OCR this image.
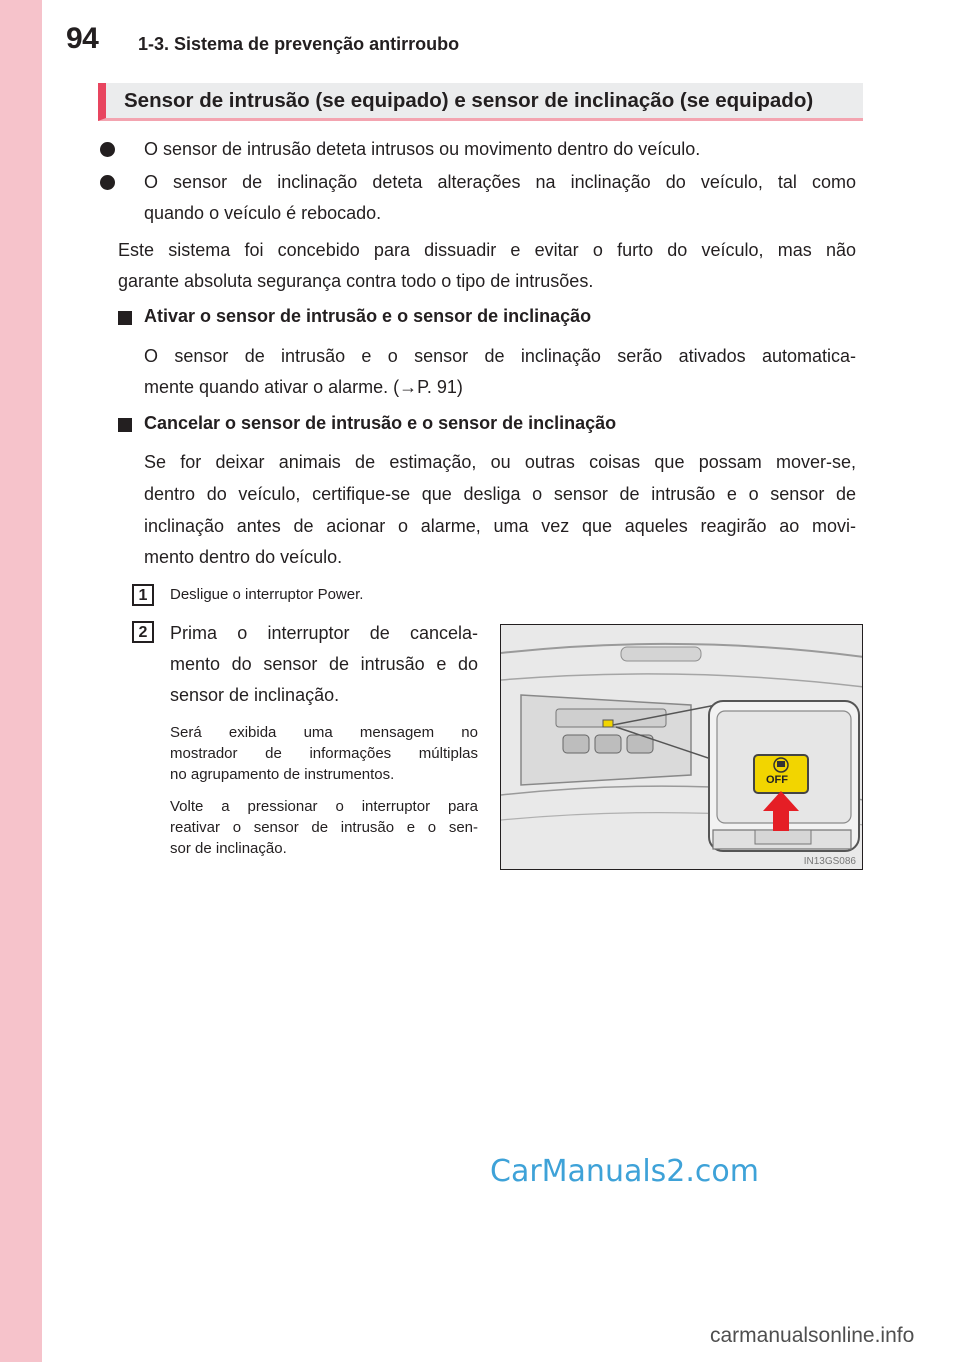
94 1-3. Sistema de prevenção antirroubo
Sensor de intrusão (se equipado) e sensor de inclinação (se equipado)
O sensor de intrusão deteta intrusos ou movimento dentro do veículo.
O sensor de inclinação deteta alterações na inclinação do veículo, tal como
quando o veículo é rebocado.
Este sistema foi concebido para dissuadir e evitar o furto do veículo, mas não
garante absoluta segurança contra todo o tipo de intrusões.
Ativar o sensor de intrusão e o sensor de inclinação
O sensor de intrusão e o sensor de inclinação serão ativados automatica-
mente quando ativar o alarme. (→P. 91)
Cancelar o sensor de intrusão e o sensor de inclinação
Se for deixar animais de estimação, ou outras coisas que possam mover-se,
dentro do veículo, certifique-se que desliga o sensor de intrusão e o sensor de
inclinação antes de acionar o alarme, uma vez que aqueles reagirão ao movi-
mento dentro do veículo.
1	Desligue o interruptor Power.
2	Prima o interruptor de cancela-
mento do sensor de intrusão e do
sensor de inclinação.
Será exibida uma mensagem no
mostrador de informações múltiplas
no agrupamento de instrumentos.
Volte a pressionar o interruptor para
reativar o sensor de intrusão e o sen-
sor de inclinação.
OFF
IN13GS086
CarManuals2.com
carmanualsonline.info
